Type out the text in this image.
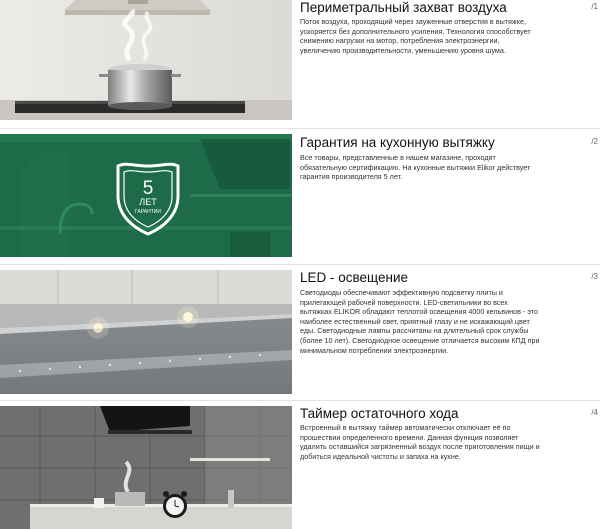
Периметральный захват воздуха	/1
Поток воздуха, проходящий через зауженные отверстия в вытяжке, ускоряется без дополнительного усиления. Технология способствует снижению нагрузки на мотор, потребления электроэнергии, увеличению производительности, уменьшению уровня шума.
5
ЛЕТ
ГАРАНТИИ
Гарантия на кухонную вытяжку	/2
Все товары, представленные в нашем магазине, проходят обязательную сертификацию. На кухонные вытяжки Elikor действует гарантия производителя 5 лет.
LED - освещение	/3
Светодиоды обеспечивают эффективную подсветку плиты и прилегающей рабочей поверхности. LED-светильники во всех вытяжках ELIKOR обладают теплотой освещения 4000 кельвинов - это наиболее естественный свет, приятный глазу и не искажающий цвет еды. Светодиодные лампы рассчитаны на длительный срок службы (более 10 лет). Светодиодное освещение отличается высоким КПД при минимальном потреблении электроэнергии.
Таймер остаточного хода	/4
Встроенный в вытяжку таймер автоматически отключает её по прошествии определенного времени. Данная функция позволяет удалить оставшийся загрязненный воздух после приготовления пищи и добиться идеальной чистоты и запаха на кухне.
